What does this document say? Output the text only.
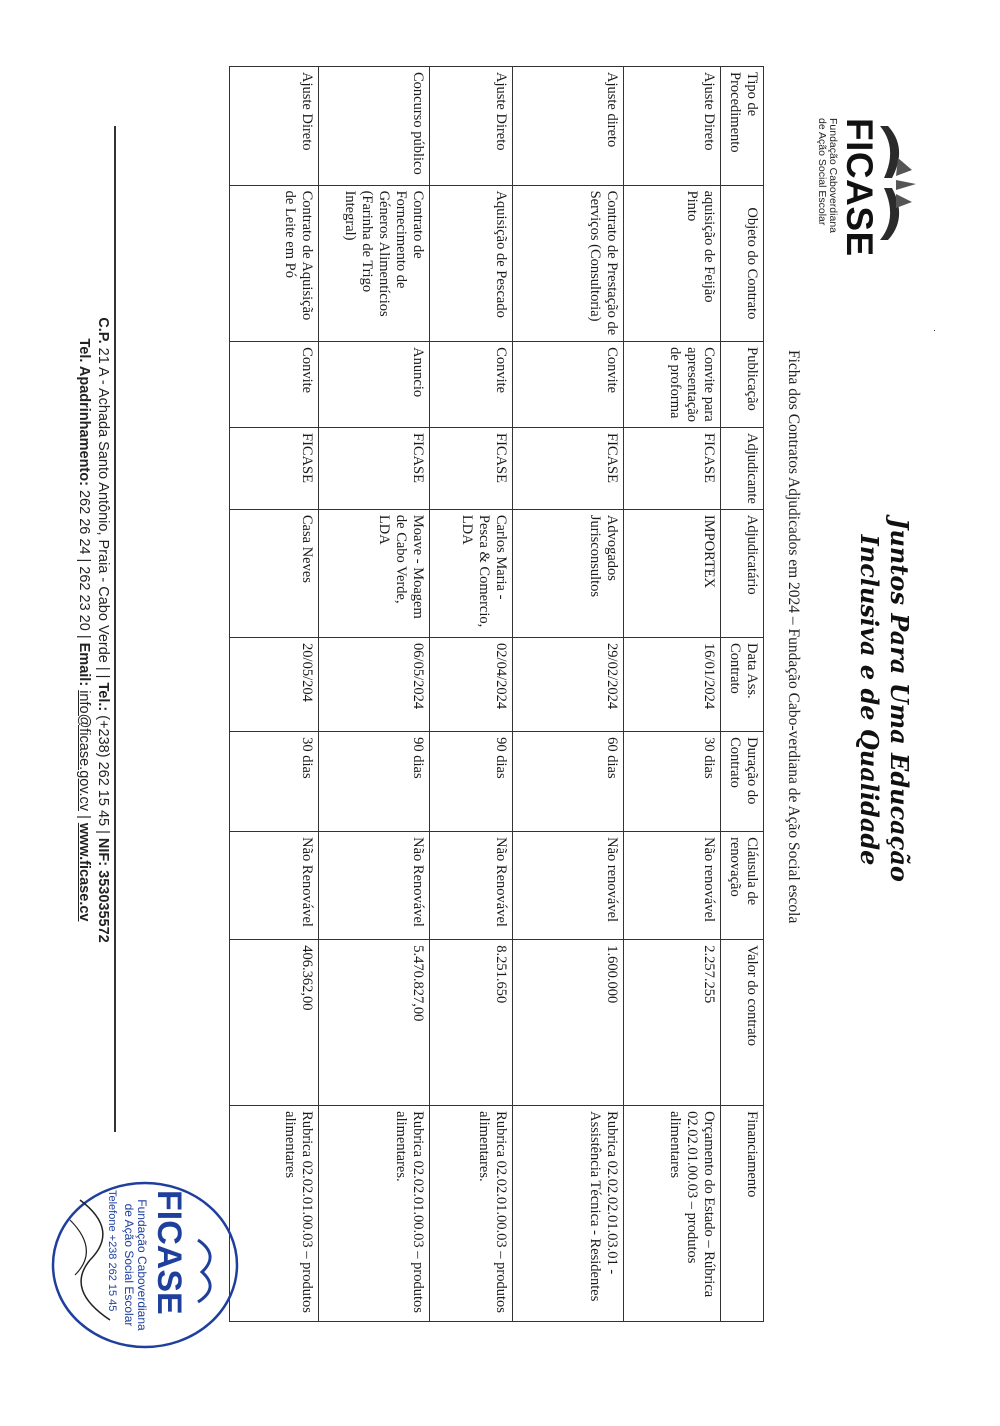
FICASE
Fundação Caboverdiana
de Ação Social Escolar
Juntos Para Uma Educação
Inclusiva e de Qualidade
Ficha dos Contratos Adjudicados em 2024 – Fundação Cabo-verdiana de Ação Social escola
Tipo de Procedimento	Objeto do Contrato	Publicação	Adjudicante	Adjudicatário	Data Ass. Contrato	Duração do Contrato	Cláusula de renovação	Valor do contrato	Financiamento
Ajuste Direto	aquisição de Feijão Pinto	Convite para apresentação de proforma	FICASE	IMPORTEX	16/01/2024	30 dias	Não renovável	2.257.255	Orçamento do Estado – Rúbrica 02.02.01.00.03 – produtos alimentares
Ajuste direto	Contrato de Prestação de Serviços (Consultoria)	Convite	FICASE	Advogados Jurisconsultos	29/02/2024	60 dias	Não renovável	1.600.000	Rubrica 02.02.02.01.03.01 - Assistência Técnica - Residentes
Ajuste Direto	Aquisição de Pescado	Convite	FICASE	Carlos Maria - Pesca & Comercio, LDA	02/04/2024	90 dias	Não Renovável	8.251.650	Rubrica 02.02.01.00.03 – produtos alimentares.
Concurso público	Contrato de Fornecimento de Géneros Alimentícios (Farinha de Trigo Integral)	Anuncio	FICASE	Moave - Moagem de Cabo Verde, LDA	06/05/2024	90 dias	Não Renovável	5.470.827,00	Rubrica 02.02.01.00.03 – produtos alimentares.
Ajuste Direto	Contrato de Aquisição de Leite em Pó	Convite	FICASE	Casa Neves	20/05/204	30 dias	Não Renovável	406.362,00	Rubrica 02.02.01.00.03 – produtos alimentares
C.P. 21 A - Achada Santo Antônio, Praia - Cabo Verde | | Tel.: (+238) 262 15 45 | NIF: 353035572
Tel. Apadrinhamento: 262 26 24 | 262 23 20 | Email: info@ficase.gov.cv | www.ficase.cv
FICASE
Fundação Caboverdiana
de Ação Social Escolar
Telefone +238 262 15 45
